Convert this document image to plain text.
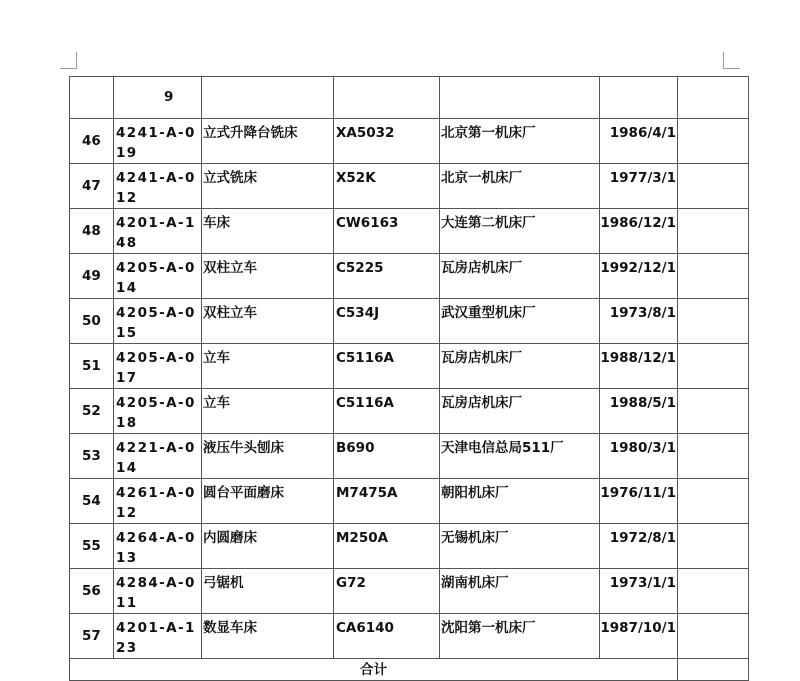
	9					
46	4241-A-019	立式升降台铣床	XA5032	北京第一机床厂	1986/4/1	
47	4241-A-012	立式铣床	X52K	北京一机床厂	1977/3/1	
48	4201-A-148	车床	CW6163	大连第二机床厂	1986/12/1	
49	4205-A-014	双柱立车	C5225	瓦房店机床厂	1992/12/1	
50	4205-A-015	双柱立车	C534J	武汉重型机床厂	1973/8/1	
51	4205-A-017	立车	C5116A	瓦房店机床厂	1988/12/1	
52	4205-A-018	立车	C5116A	瓦房店机床厂	1988/5/1	
53	4221-A-014	液压牛头刨床	B690	天津电信总局511厂	1980/3/1	
54	4261-A-012	圆台平面磨床	M7475A	朝阳机床厂	1976/11/1	
55	4264-A-013	内圆磨床	M250A	无锡机床厂	1972/8/1	
56	4284-A-011	弓锯机	G72	湖南机床厂	1973/1/1	
57	4201-A-123	数显车床	CA6140	沈阳第一机床厂	1987/10/1	
合计						
